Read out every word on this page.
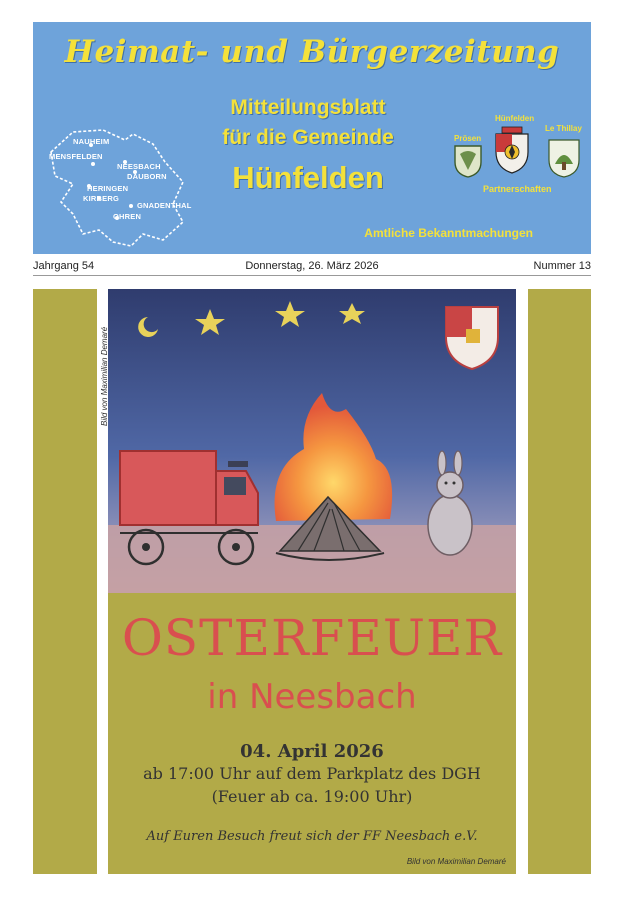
Heimat- und Bürgerzeitung
Mitteilungsblatt
für die Gemeinde
Hünfelden
NAUHEIM
MENSFELDEN
NEESBACH
DAUBORN
HERINGEN
KIRBERG
GNADENTHAL
OHREN
Prösen
Hünfelden
Le Thillay
Partnerschaften
Amtliche Bekanntmachungen
Jahrgang 54	Donnerstag, 26. März 2026	Nummer 13
OSTERFEUER
in Neesbach
04. April 2026
ab 17:00 Uhr auf dem Parkplatz des DGH
(Feuer ab ca. 19:00 Uhr)
Auf Euren Besuch freut sich der FF Neesbach e.V.
Bild von Maximilian Demaré
Bild von Maximilian Demaré
